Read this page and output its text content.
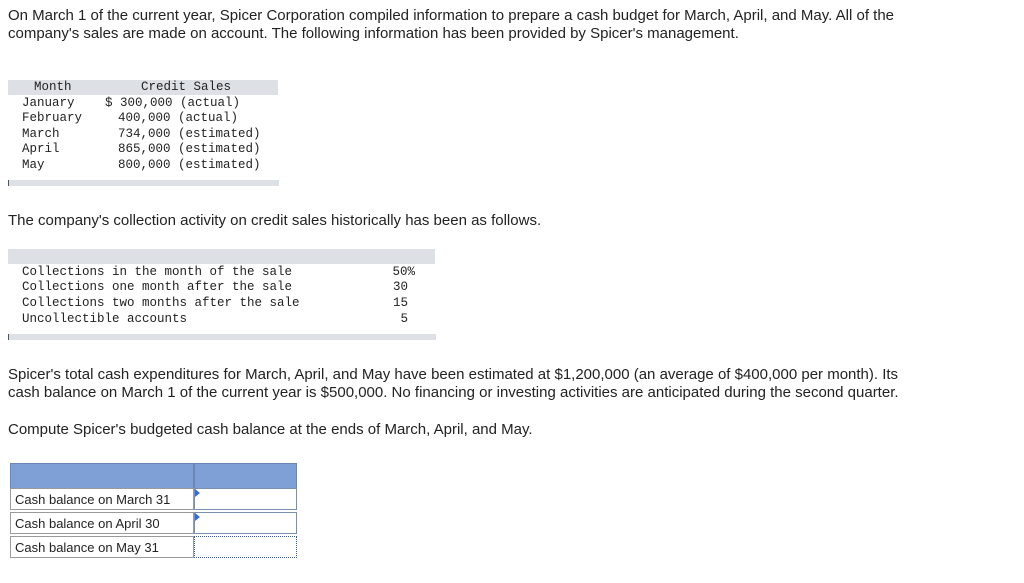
On March 1 of the current year, Spicer Corporation compiled information to prepare a cash budget for March, April, and May. All of the

company's sales are made on account. The following information has been provided by Spicer's management.

Month	Credit Sales
January $ 300,000 (actual)
February	400,000 (actual)
March	734,000 (estimated)
April	865,000 (estimated)
May	800,000 (estimated)

The company's collection activity on credit sales historically has been as follows.

Collections in the month of the sale	50%
Collections one month after the sale	30
Collections two months after the sale	15
Uncollectible accounts	5

Spicer's total cash expenditures for March, April, and May have been estimated at $1,200,000 (an average of $400,000 per month). Its

cash balance on March 1 of the current year is $500,000. No financing or investing activities are anticipated during the second quarter.

Compute Spicer's budgeted cash balance at the ends of March, April, and May.

Cash balance on March 31
Cash balance on April 30
Cash balance on May 31
